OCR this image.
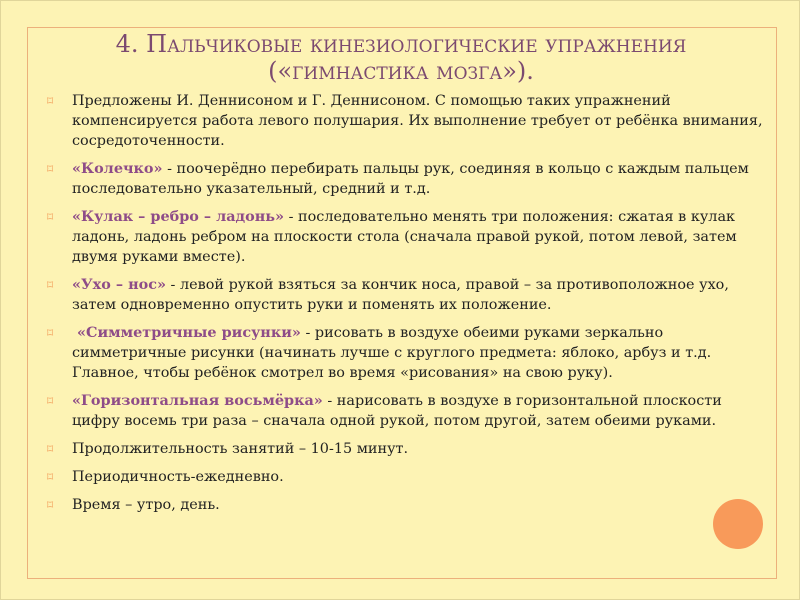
4. Пальчиковые кинезиологические упражнения
(«гимнастика мозга»).
⌑ Предложены И. Деннисоном и Г. Деннисоном. С помощью таких упражнений компенсируется работа левого полушария. Их выполнение требует от ребёнка внимания, сосредоточенности.
⌑ «Колечко» - поочерёдно перебирать пальцы рук, соединяя в кольцо с каждым пальцем последовательно указательный, средний и т.д.
⌑ «Кулак – ребро – ладонь» - последовательно менять три положения: сжатая в кулак ладонь, ладонь ребром на плоскости стола (сначала правой рукой, потом левой, затем двумя руками вместе).
⌑ «Ухо – нос» - левой рукой взяться за кончик носа, правой – за противоположное ухо, затем одновременно опустить руки и поменять их положение.
⌑ «Симметричные рисунки» - рисовать в воздухе обеими руками зеркально симметричные рисунки (начинать лучше с круглого предмета: яблоко, арбуз и т.д. Главное, чтобы ребёнок смотрел во время «рисования» на свою руку).
⌑ «Горизонтальная восьмёрка» - нарисовать в воздухе в горизонтальной плоскости цифру восемь три раза – сначала одной рукой, потом другой, затем обеими руками.
⌑ Продолжительность занятий – 10-15 минут.
⌑ Периодичность-ежедневно.
⌑ Время – утро, день.
